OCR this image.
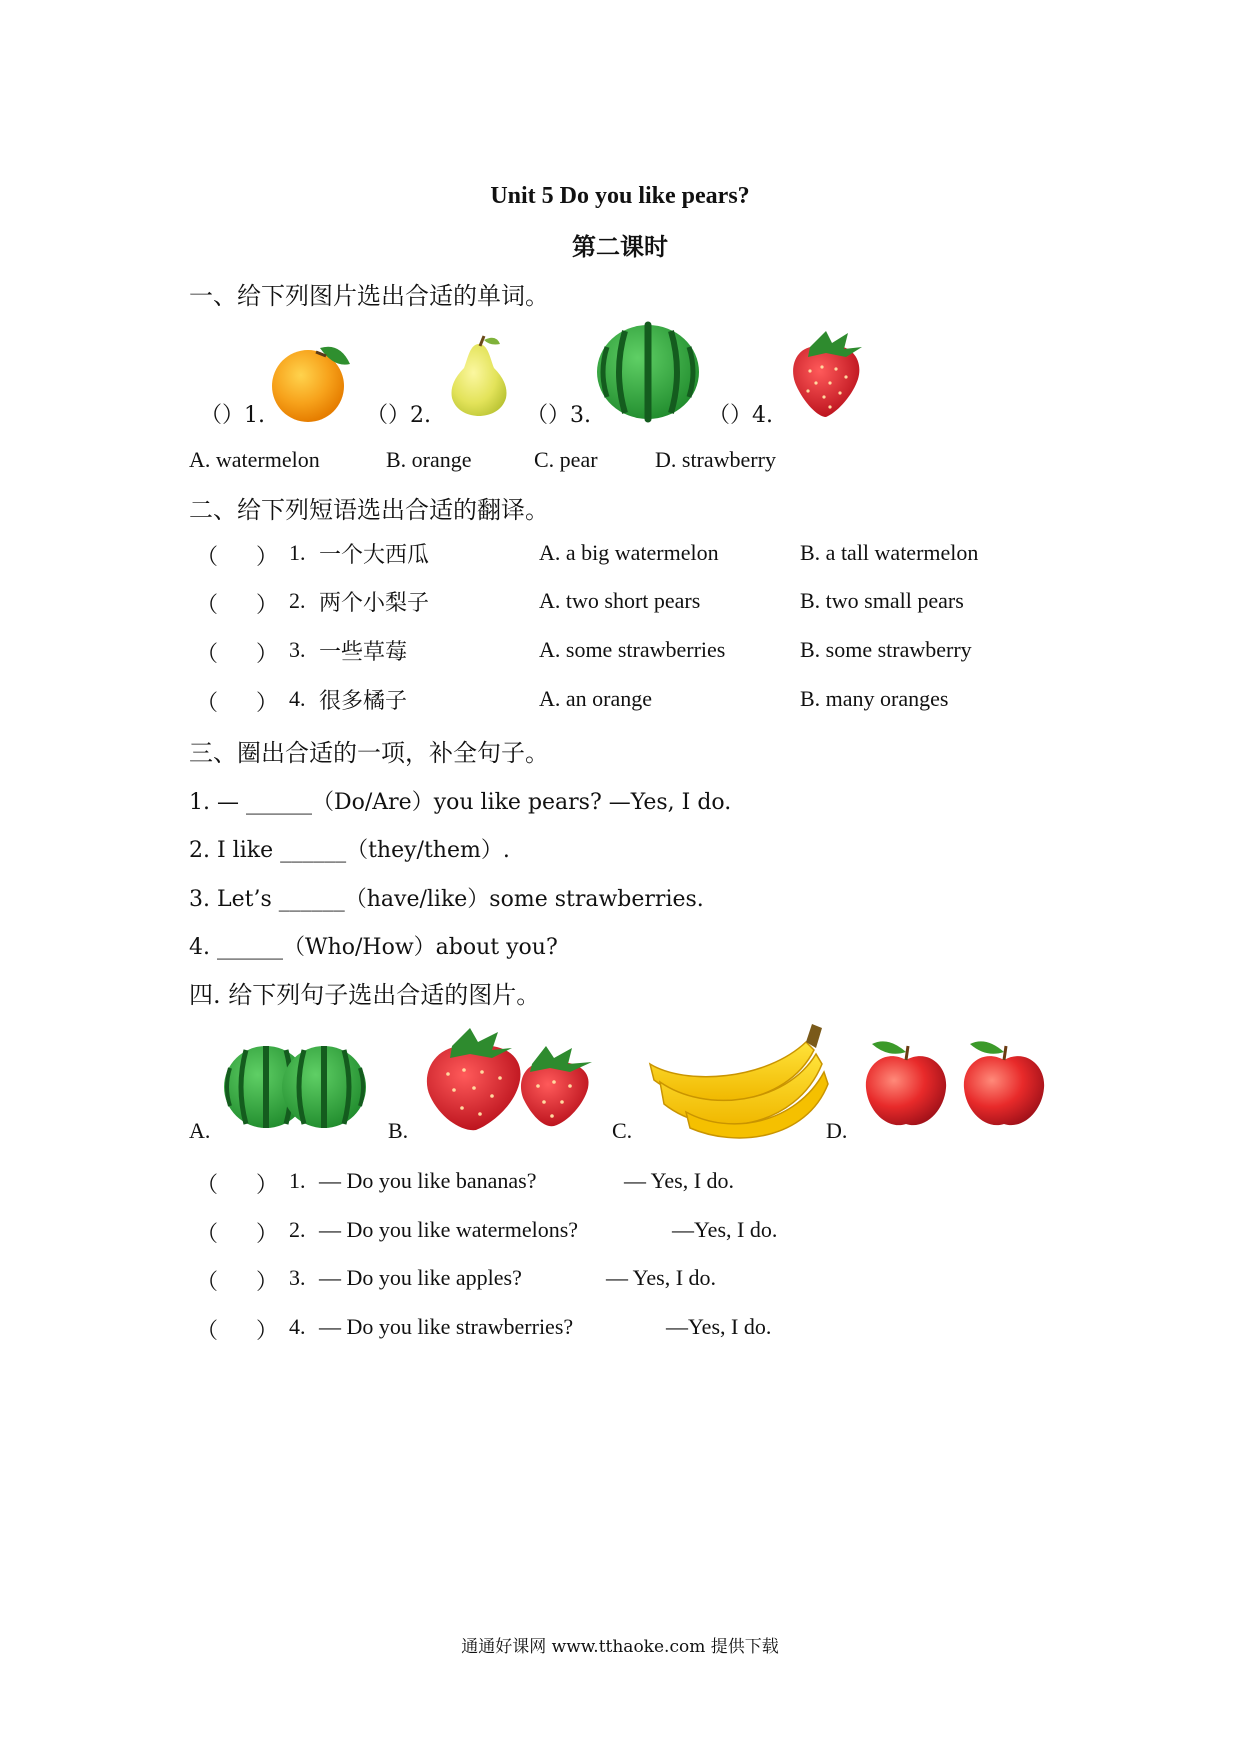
Unit 5 Do you like pears?
第二课时
一、给下列图片选出合适的单词。
（）1.	（）2.	（）3.	（）4.
A. watermelon	B. orange	C. pear	D. strawberry
二、给下列短语选出合适的翻译。
（ ） 1. 一个大西瓜	A. a big watermelon	B. a tall watermelon
（ ） 2. 两个小梨子	A. two short pears	B. two small pears
（ ） 3. 一些草莓	A. some strawberries	B. some strawberry
（ ） 4. 很多橘子	A. an orange	B. many oranges
三、圈出合适的一项，补全句子。
1. — ______（Do/Are）you like pears? —Yes, I do.
2. I like ______（they/them）.
3. Let’s ______（have/like）some strawberries.
4. ______（Who/How）about you?
四. 给下列句子选出合适的图片。
A.	B.	C.	D.
（ ） 1. — Do you like bananas?	— Yes, I do.
（ ） 2. — Do you like watermelons?	—Yes, I do.
（ ） 3. — Do you like apples?	— Yes, I do.
（ ） 4. — Do you like strawberries?	—Yes, I do.
通通好课网 www.tthaoke.com 提供下载
